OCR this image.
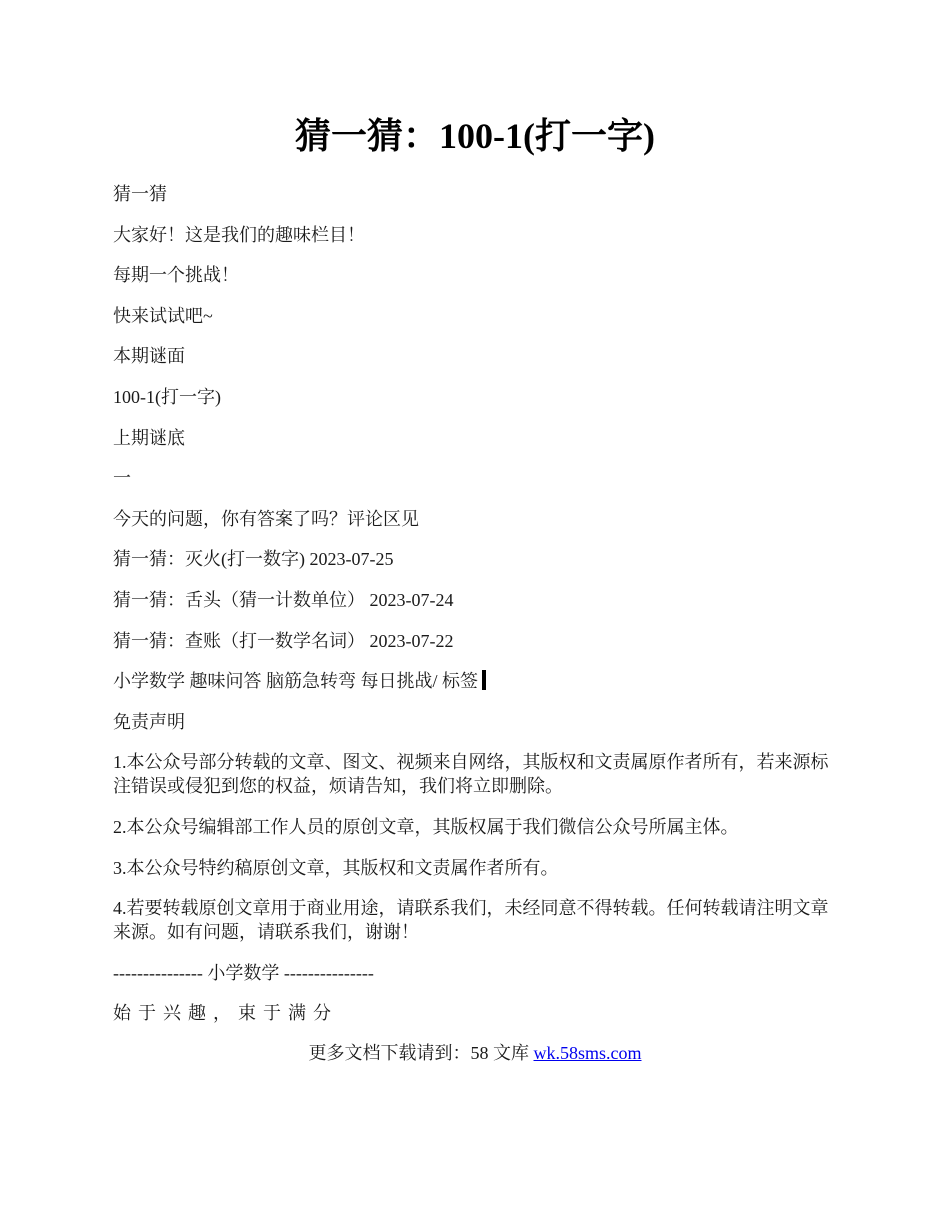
猜一猜：100-1(打一字)

猜一猜

大家好！这是我们的趣味栏目！

每期一个挑战！

快来试试吧~

本期谜面

100-1(打一字)

上期谜底

一

今天的问题，你有答案了吗？评论区见

猜一猜：灭火(打一数字) 2023-07-25

猜一猜：舌头（猜一计数单位） 2023-07-24

猜一猜：查账（打一数学名词） 2023-07-22

小学数学 趣味问答 脑筋急转弯 每日挑战/ 标签

免责声明

1.本公众号部分转载的文章、图文、视频来自网络，其版权和文责属原作者所有，若来源标注错误或侵犯到您的权益，烦请告知，我们将立即删除。

2.本公众号编辑部工作人员的原创文章，其版权属于我们微信公众号所属主体。

3.本公众号特约稿原创文章，其版权和文责属作者所有。

4.若要转载原创文章用于商业用途，请联系我们，未经同意不得转载。任何转载请注明文章来源。如有问题，请联系我们，谢谢！

--------------- 小学数学 ---------------

始于兴趣，束于满分

更多文档下载请到：58 文库 wk.58sms.com
